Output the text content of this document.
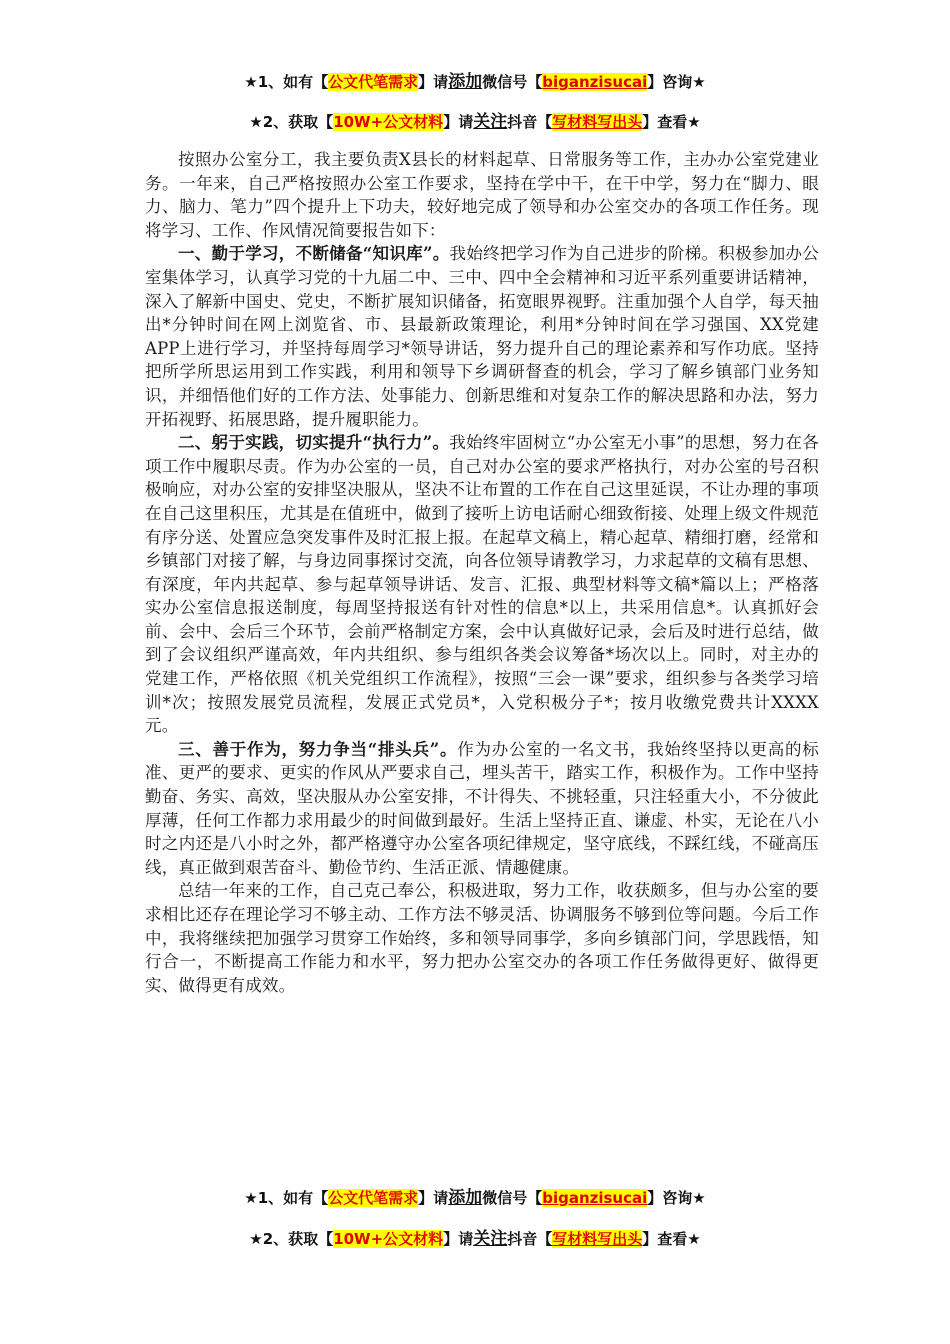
★1、如有【公文代笔需求】请添加微信号【biganzisucai】咨询★
★2、获取【10W+公文材料】请关注抖音【写材料写出头】查看★

按照办公室分工，我主要负责X县长的材料起草、日常服务等工作，主办办公室党建业务。一年来，自己严格按照办公室工作要求，坚持在学中干，在干中学，努力在“脚力、眼力、脑力、笔力”四个提升上下功夫，较好地完成了领导和办公室交办的各项工作任务。现将学习、工作、作风情况简要报告如下：

一、勤于学习，不断储备“知识库”。我始终把学习作为自己进步的阶梯。积极参加办公室集体学习，认真学习党的十九届二中、三中、四中全会精神和习近平系列重要讲话精神，深入了解新中国史、党史，不断扩展知识储备，拓宽眼界视野。注重加强个人自学，每天抽出*分钟时间在网上浏览省、市、县最新政策理论，利用*分钟时间在学习强国、XX党建APP上进行学习，并坚持每周学习*领导讲话，努力提升自己的理论素养和写作功底。坚持把所学所思运用到工作实践，利用和领导下乡调研督查的机会，学习了解乡镇部门业务知识，并细悟他们好的工作方法、处事能力、创新思维和对复杂工作的解决思路和办法，努力开拓视野、拓展思路，提升履职能力。

二、躬于实践，切实提升“执行力”。我始终牢固树立“办公室无小事”的思想，努力在各项工作中履职尽责。作为办公室的一员，自己对办公室的要求严格执行，对办公室的号召积极响应，对办公室的安排坚决服从，坚决不让布置的工作在自己这里延误，不让办理的事项在自己这里积压，尤其是在值班中，做到了接听上访电话耐心细致衔接、处理上级文件规范有序分送、处置应急突发事件及时汇报上报。在起草文稿上，精心起草、精细打磨，经常和乡镇部门对接了解，与身边同事探讨交流，向各位领导请教学习，力求起草的文稿有思想、有深度，年内共起草、参与起草领导讲话、发言、汇报、典型材料等文稿*篇以上；严格落实办公室信息报送制度，每周坚持报送有针对性的信息*以上，共采用信息*。认真抓好会前、会中、会后三个环节，会前严格制定方案，会中认真做好记录，会后及时进行总结，做到了会议组织严谨高效，年内共组织、参与组织各类会议筹备*场次以上。同时，对主办的党建工作，严格依照《机关党组织工作流程》，按照“三会一课”要求，组织参与各类学习培训*次；按照发展党员流程，发展正式党员*，入党积极分子*；按月收缴党费共计XXXX元。

三、善于作为，努力争当“排头兵”。作为办公室的一名文书，我始终坚持以更高的标准、更严的要求、更实的作风从严要求自己，埋头苦干，踏实工作，积极作为。工作中坚持勤奋、务实、高效，坚决服从办公室安排，不计得失、不挑轻重，只注轻重大小，不分彼此厚薄，任何工作都力求用最少的时间做到最好。生活上坚持正直、谦虚、朴实，无论在八小时之内还是八小时之外，都严格遵守办公室各项纪律规定，坚守底线，不踩红线，不碰高压线，真正做到艰苦奋斗、勤俭节约、生活正派、情趣健康。

总结一年来的工作，自己克己奉公，积极进取，努力工作，收获颇多，但与办公室的要求相比还存在理论学习不够主动、工作方法不够灵活、协调服务不够到位等问题。今后工作中，我将继续把加强学习贯穿工作始终，多和领导同事学，多向乡镇部门问，学思践悟，知行合一，不断提高工作能力和水平，努力把办公室交办的各项工作任务做得更好、做得更实、做得更有成效。

★1、如有【公文代笔需求】请添加微信号【biganzisucai】咨询★
★2、获取【10W+公文材料】请关注抖音【写材料写出头】查看★
